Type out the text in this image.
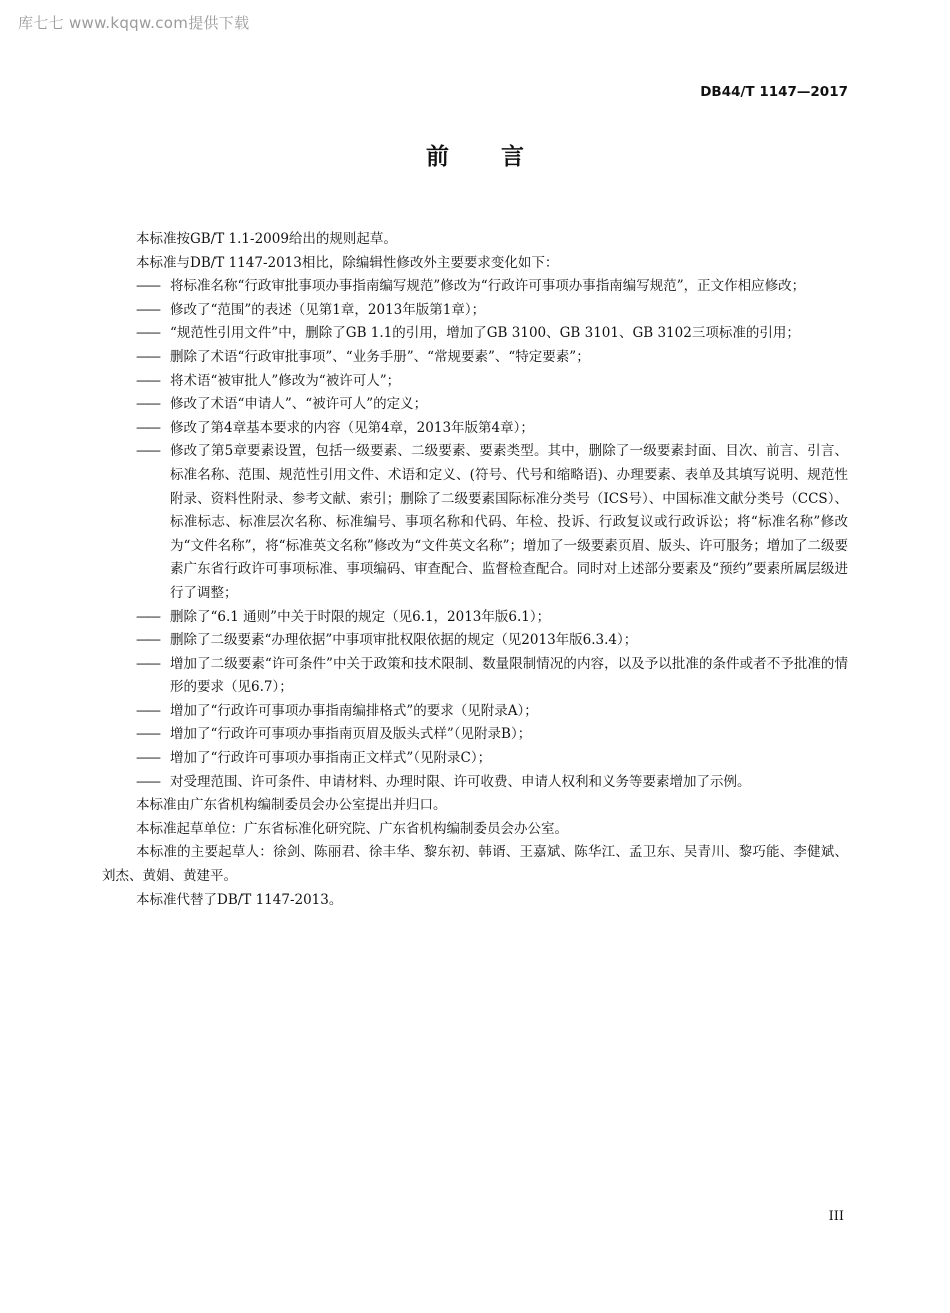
库七七 www.kqqw.com提供下载
DB44/T 1147—2017
前言

本标准按GB/T 1.1-2009给出的规则起草。

本标准与DB/T 1147-2013相比，除编辑性修改外主要要求变化如下：

—— 将标准名称“行政审批事项办事指南编写规范”修改为“行政许可事项办事指南编写规范”，正文作相应修改；
—— 修改了“范围”的表述（见第1章，2013年版第1章）；
—— “规范性引用文件”中，删除了GB 1.1的引用，增加了GB 3100、GB 3101、GB 3102三项标准的引用；
—— 删除了术语“行政审批事项”、“业务手册”、“常规要素”、“特定要素”；
—— 将术语“被审批人”修改为“被许可人”；
—— 修改了术语“申请人”、“被许可人”的定义；
—— 修改了第4章基本要求的内容（见第4章，2013年版第4章）；
—— 修改了第5章要素设置，包括一级要素、二级要素、要素类型。其中，删除了一级要素封面、目次、前言、引言、标准名称、范围、规范性引用文件、术语和定义、(符号、代号和缩略语)、办理要素、表单及其填写说明、规范性附录、资料性附录、参考文献、索引；删除了二级要素国际标准分类号（ICS号）、中国标准文献分类号（CCS）、标准标志、标准层次名称、标准编号、事项名称和代码、年检、投诉、行政复议或行政诉讼；将“标准名称”修改为“文件名称”，将“标准英文名称”修改为“文件英文名称”；增加了一级要素页眉、版头、许可服务；增加了二级要素广东省行政许可事项标准、事项编码、审查配合、监督检查配合。同时对上述部分要素及“预约”要素所属层级进行了调整；
—— 删除了“6.1 通则”中关于时限的规定（见6.1，2013年版6.1）；
—— 删除了二级要素“办理依据”中事项审批权限依据的规定（见2013年版6.3.4）；
—— 增加了二级要素“许可条件”中关于政策和技术限制、数量限制情况的内容，以及予以批准的条件或者不予批准的情形的要求（见6.7）；
—— 增加了“行政许可事项办事指南编排格式”的要求（见附录A）；
—— 增加了“行政许可事项办事指南页眉及版头式样”（见附录B）；
—— 增加了“行政许可事项办事指南正文样式”（见附录C）；
—— 对受理范围、许可条件、申请材料、办理时限、许可收费、申请人权利和义务等要素增加了示例。

本标准由广东省机构编制委员会办公室提出并归口。

本标准起草单位：广东省标准化研究院、广东省机构编制委员会办公室。

本标准的主要起草人：徐剑、陈丽君、徐丰华、黎东初、韩谞、王嘉斌、陈华江、孟卫东、吴青川、黎巧能、李健斌、刘杰、黄娟、黄建平。

本标准代替了DB/T 1147-2013。

III
